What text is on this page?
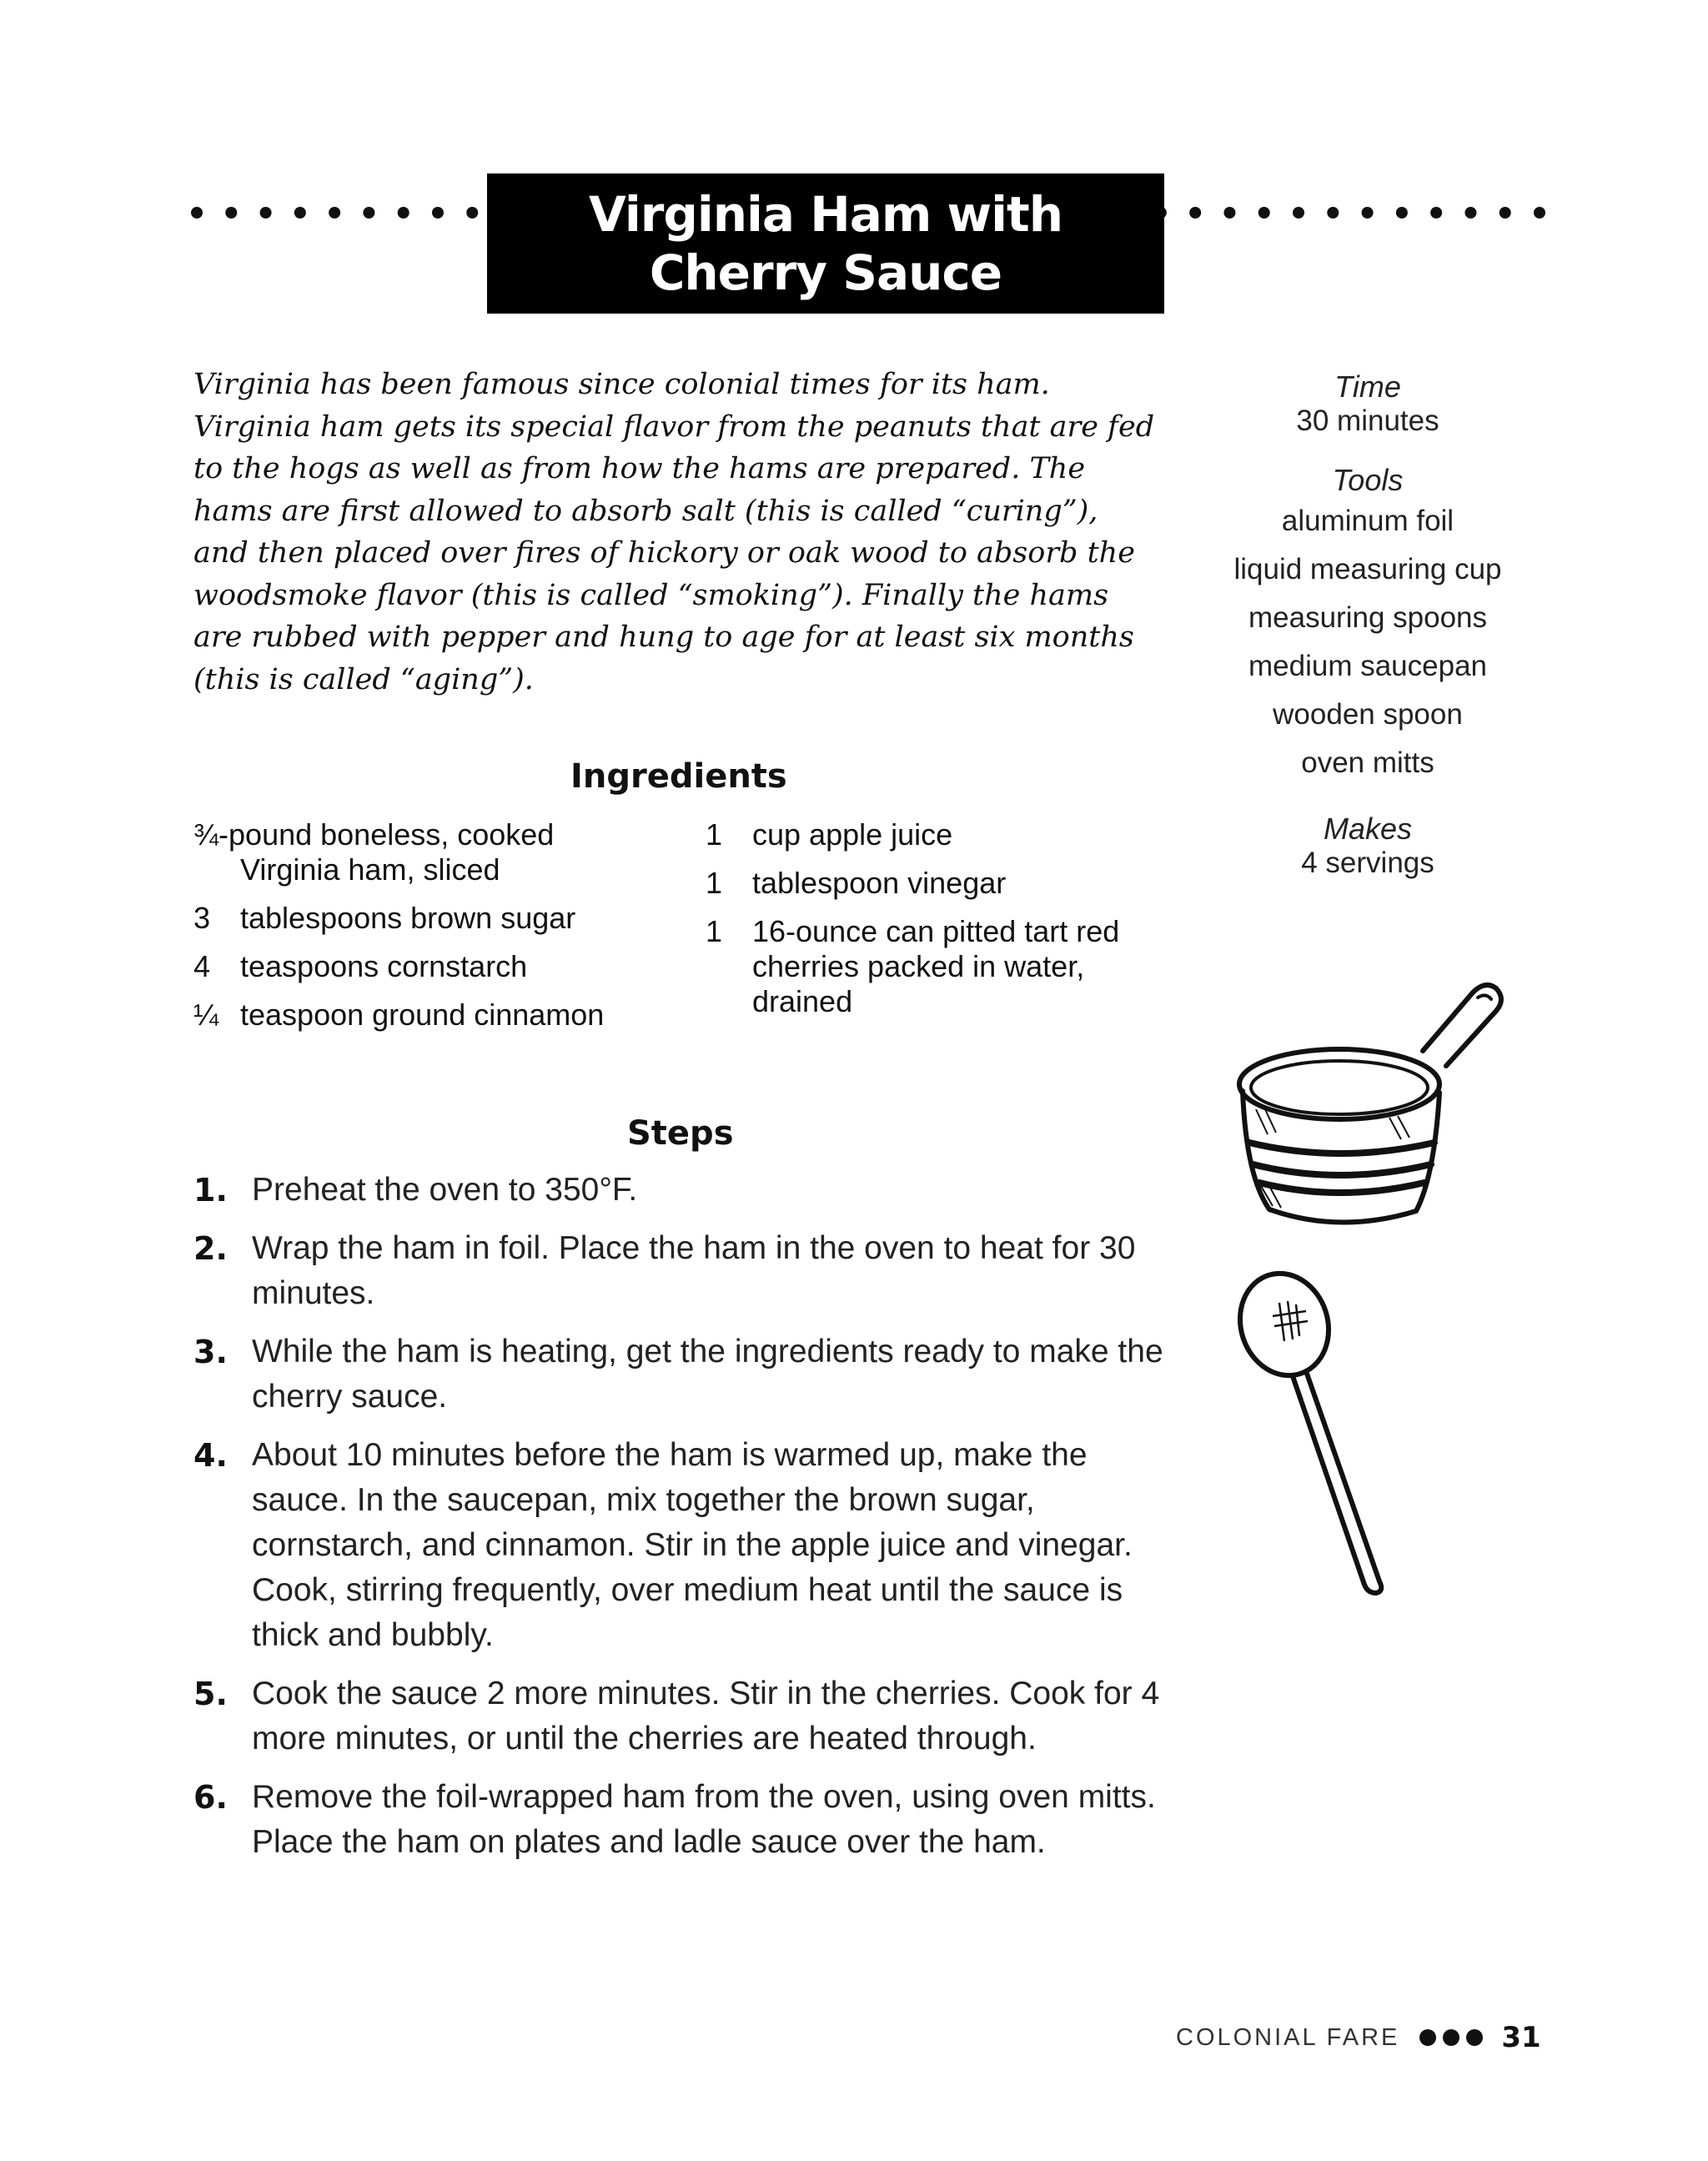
Virginia Ham with
Cherry Sauce
Virginia has been famous since colonial times for its ham. Virginia ham gets its special flavor from the peanuts that are fed to the hogs as well as from how the hams are prepared. The hams are first allowed to absorb salt (this is called “curing”), and then placed over fires of hickory or oak wood to absorb the woodsmoke flavor (this is called “smoking”). Finally the hams are rubbed with pepper and hung to age for at least six months (this is called “aging”).
Time
30 minutes
Tools
aluminum foil
liquid measuring cup
measuring spoons
medium saucepan
wooden spoon
oven mitts
Makes
4 servings
Ingredients
¾-pound boneless, cooked
Virginia ham, sliced
3 tablespoons brown sugar
4 teaspoons cornstarch
¼ teaspoon ground cinnamon
1 cup apple juice
1 tablespoon vinegar
1 16-ounce can pitted tart red cherries packed in water, drained
Steps
1. Preheat the oven to 350°F.
2. Wrap the ham in foil. Place the ham in the oven to heat for 30 minutes.
3. While the ham is heating, get the ingredients ready to make the cherry sauce.
4. About 10 minutes before the ham is warmed up, make the sauce. In the saucepan, mix together the brown sugar, cornstarch, and cinnamon. Stir in the apple juice and vinegar. Cook, stirring frequently, over medium heat until the sauce is thick and bubbly.
5. Cook the sauce 2 more minutes. Stir in the cherries. Cook for 4 more minutes, or until the cherries are heated through.
6. Remove the foil-wrapped ham from the oven, using oven mitts. Place the ham on plates and ladle sauce over the ham.
COLONIAL FARE	31
